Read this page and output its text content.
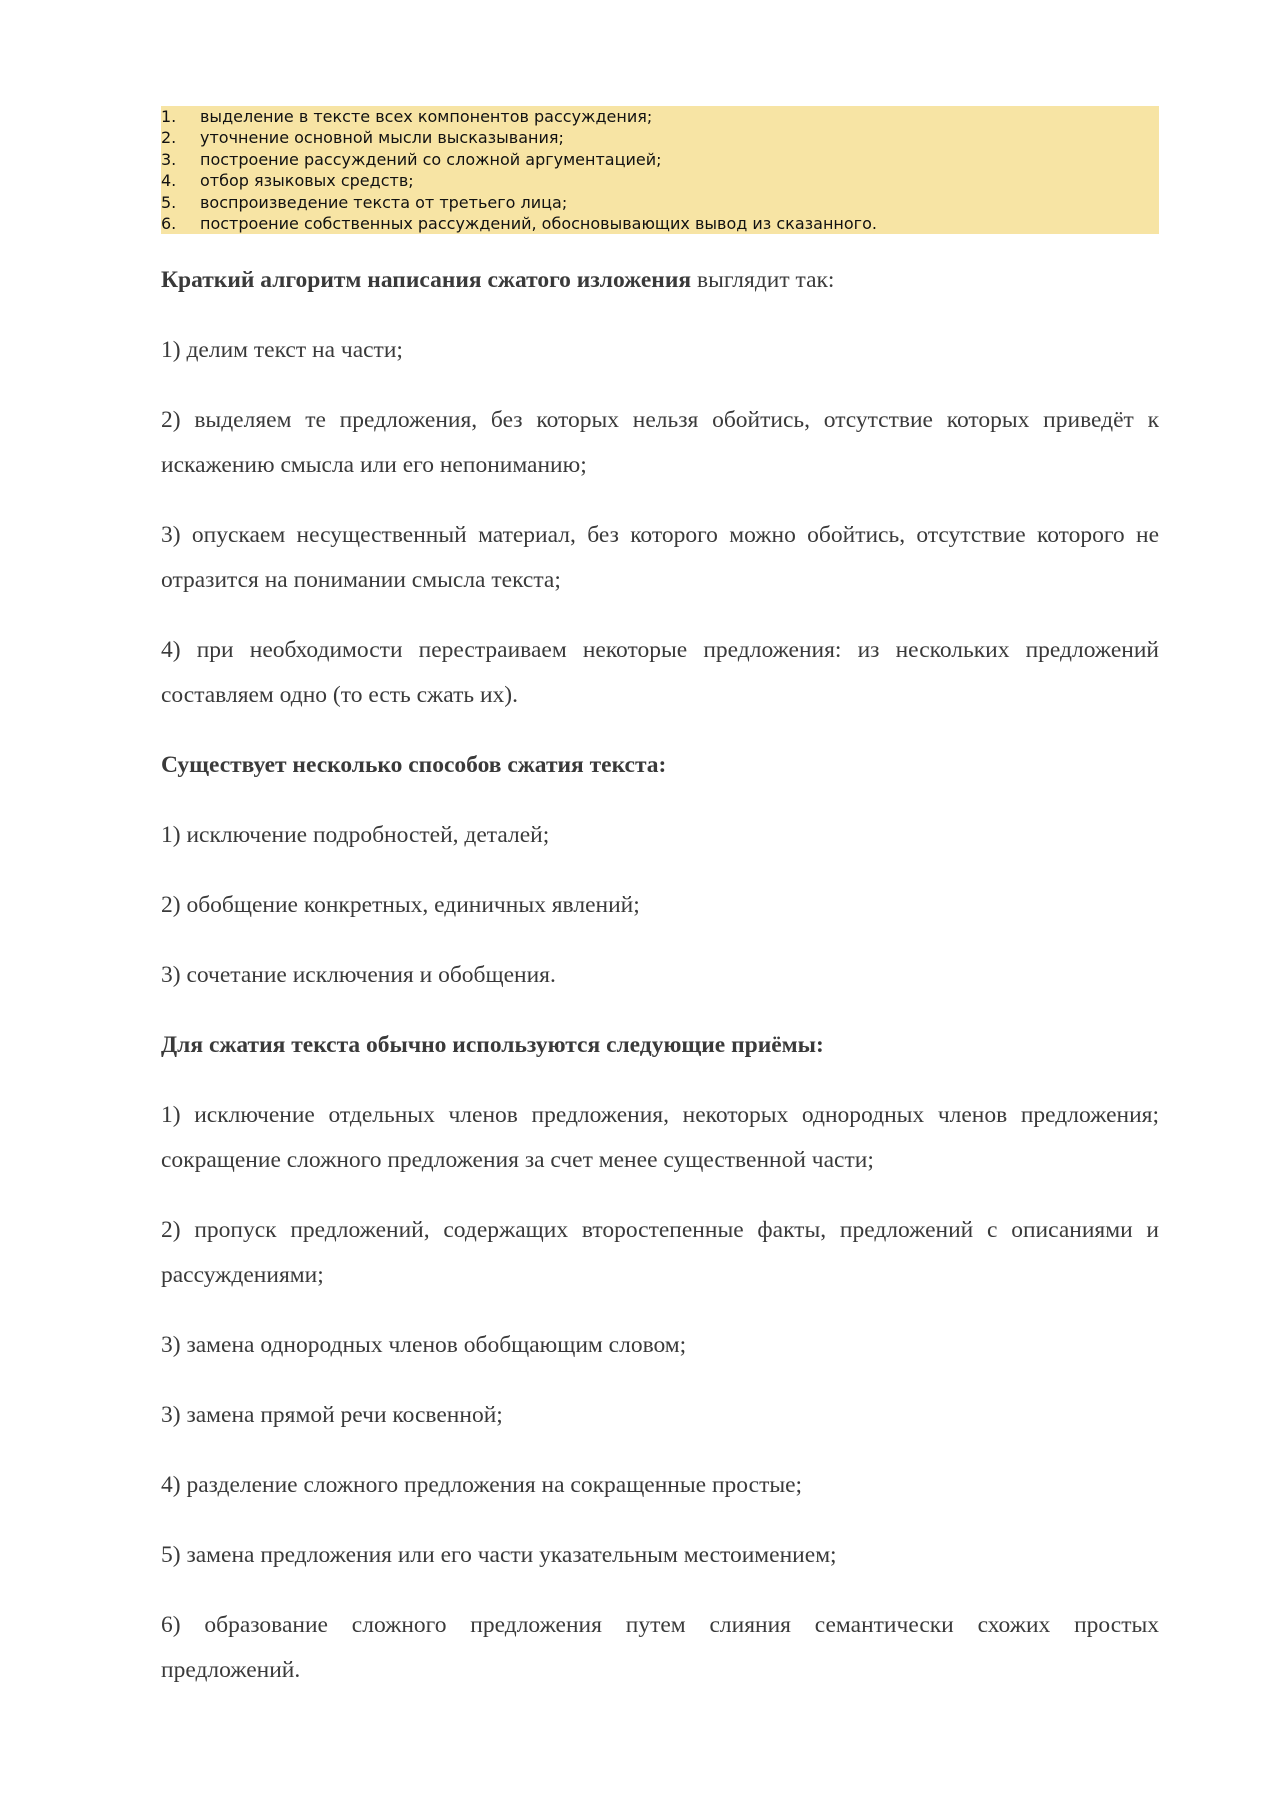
1.	выделение в тексте всех компонентов рассуждения;
2.	уточнение основной мысли высказывания;
3.	построение рассуждений со сложной аргументацией;
4.	отбор языковых средств;
5.	воспроизведение текста от третьего лица;
6.	построение собственных рассуждений, обосновывающих вывод из сказанного.

Краткий алгоритм написания сжатого изложения выглядит так:

1) делим текст на части;

2) выделяем те предложения, без которых нельзя обойтись, отсутствие которых приведёт к искажению смысла или его непониманию;

3) опускаем несущественный материал, без которого можно обойтись, отсутствие которого не отразится на понимании смысла текста;

4) при необходимости перестраиваем некоторые предложения: из нескольких предложений составляем одно (то есть сжать их).

Существует несколько способов сжатия текста:

1) исключение подробностей, деталей;

2) обобщение конкретных, единичных явлений;

3) сочетание исключения и обобщения.

Для сжатия текста обычно используются следующие приёмы:

1) исключение отдельных членов предложения, некоторых однородных членов предложения; сокращение сложного предложения за счет менее существенной части;

2) пропуск предложений, содержащих второстепенные факты, предложений с описаниями и рассуждениями;

3) замена однородных членов обобщающим словом;

3) замена прямой речи косвенной;

4) разделение сложного предложения на сокращенные простые;

5) замена предложения или его части указательным местоимением;

6) образование сложного предложения путем слияния семантически схожих простых предложений.
